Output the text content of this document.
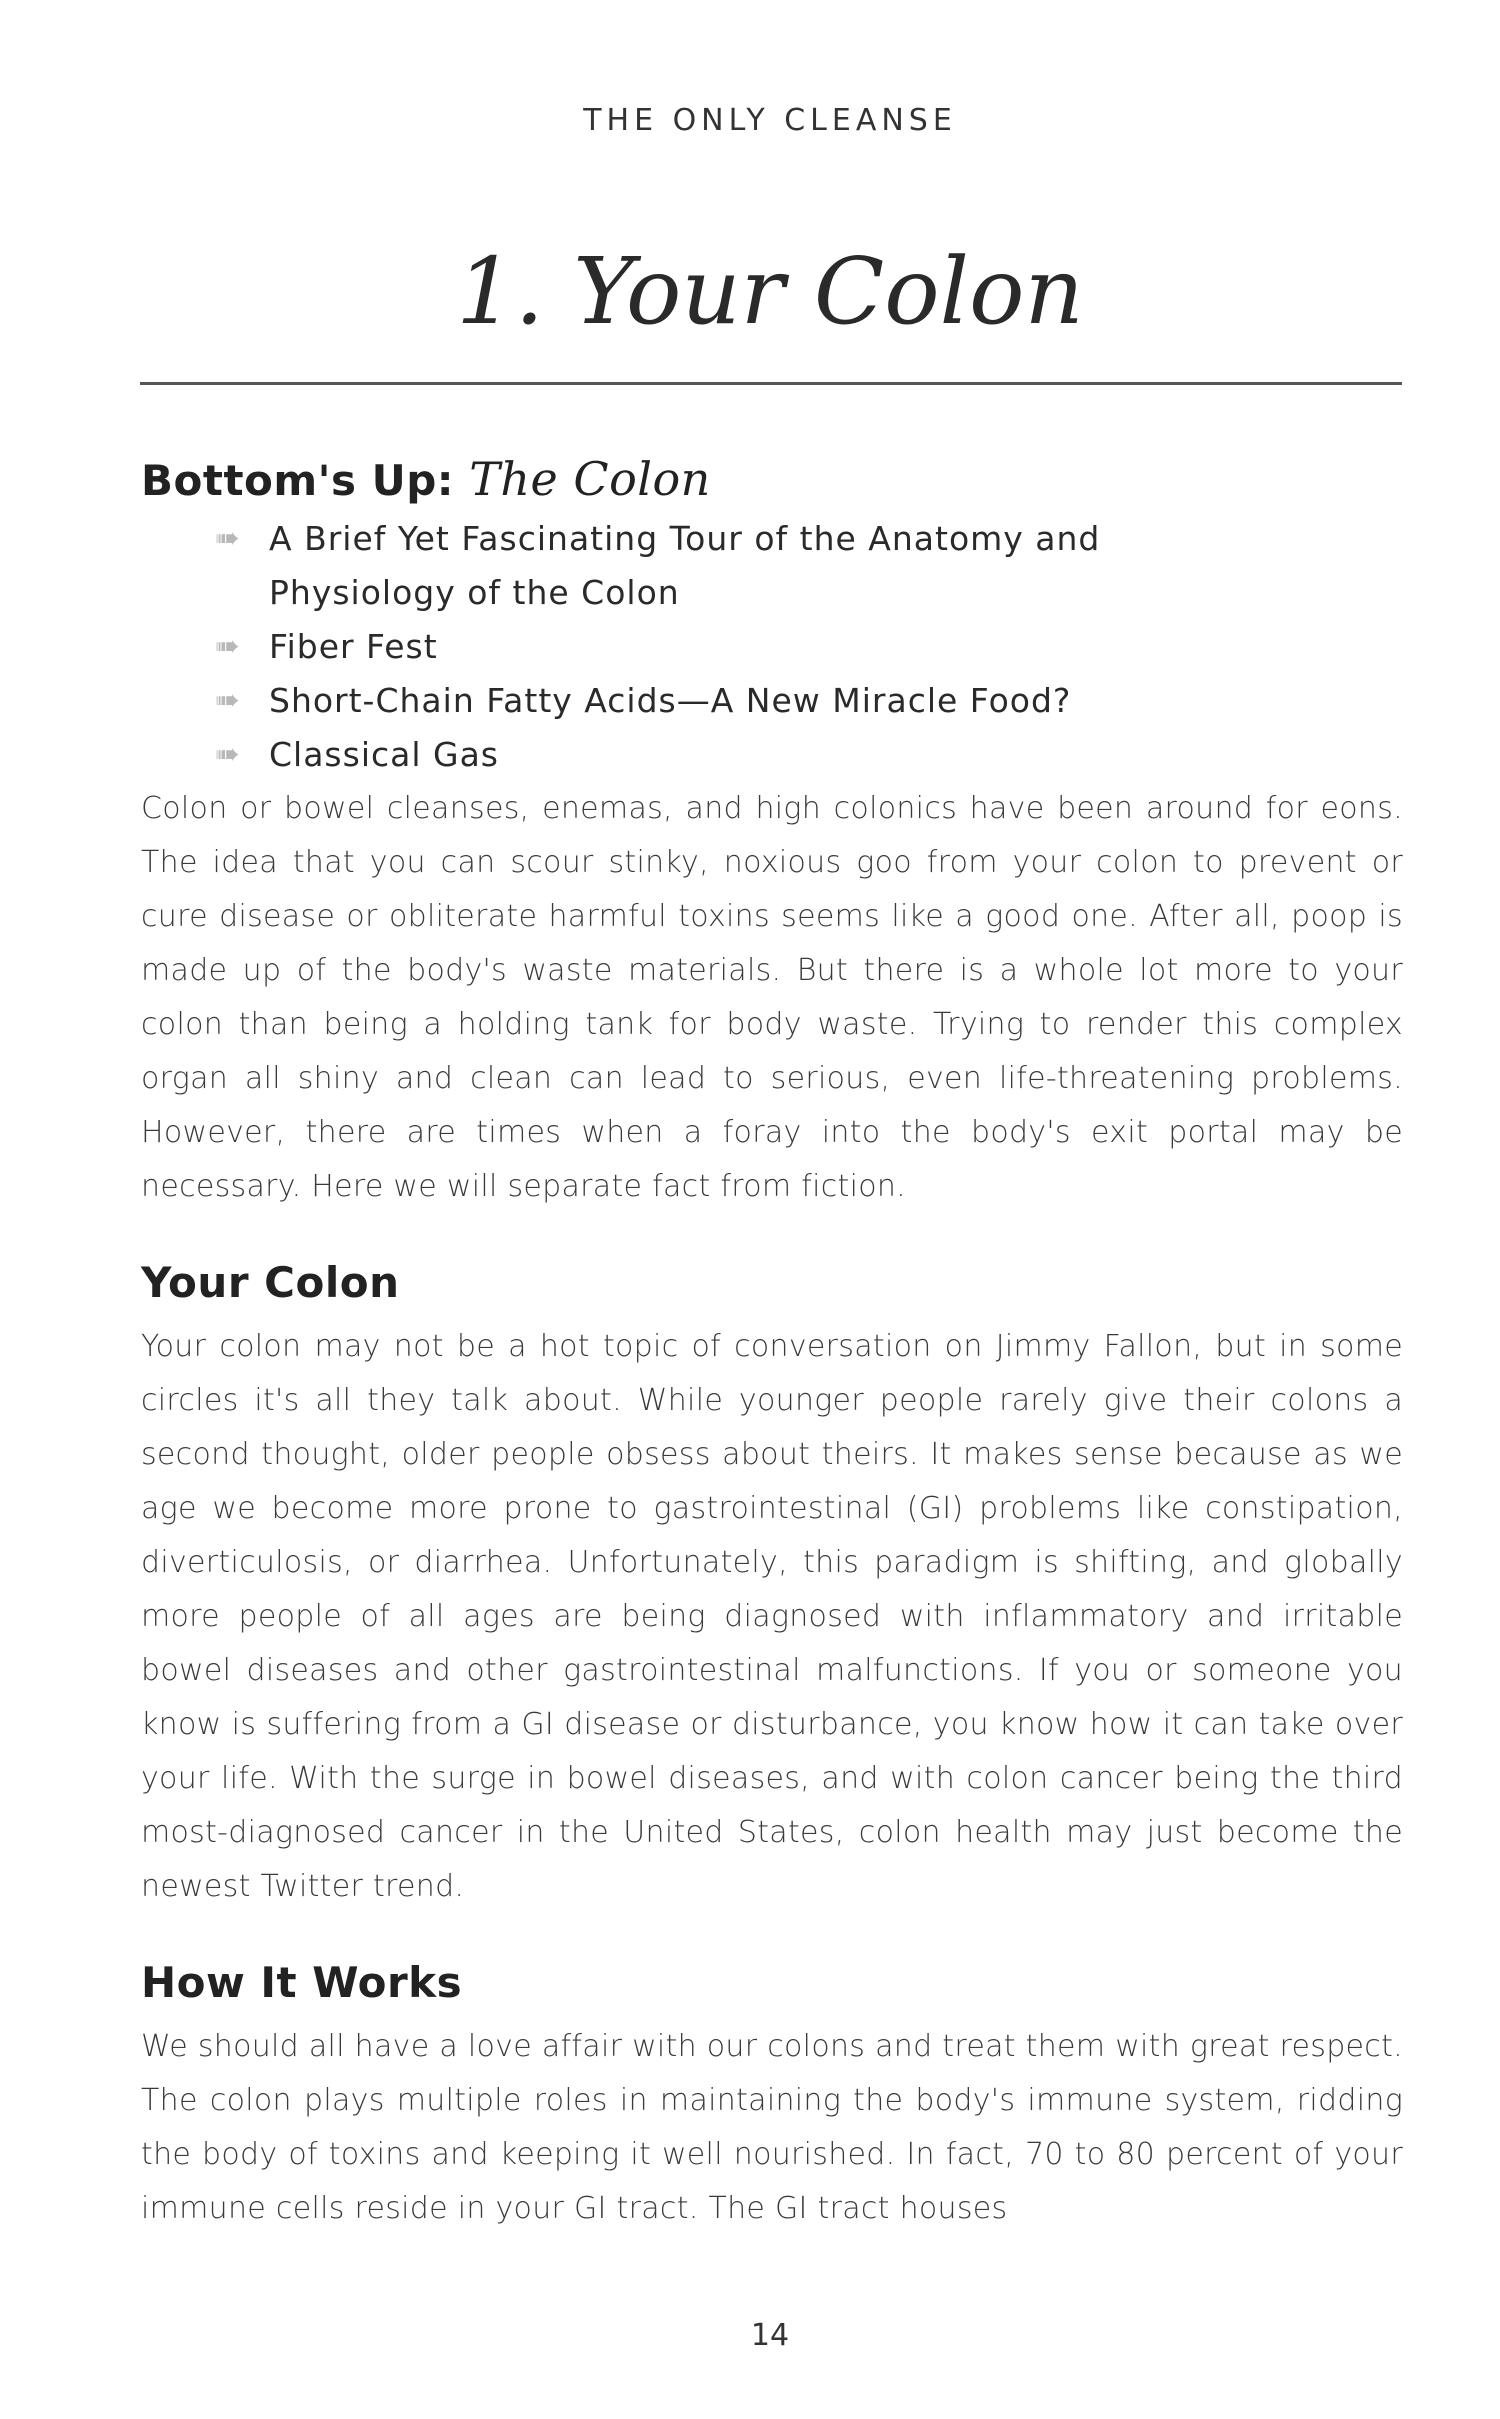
THE ONLY CLEANSE
1. Your Colon
Bottom's Up: The Colon
➠ A Brief Yet Fascinating Tour of the Anatomy and Physiology of the Colon
➠ Fiber Fest
➠ Short-Chain Fatty Acids—A New Miracle Food?
➠ Classical Gas

Colon or bowel cleanses, enemas, and high colonics have been around for eons. The idea that you can scour stinky, noxious goo from your colon to prevent or cure disease or obliterate harmful toxins seems like a good one. After all, poop is made up of the body's waste materials. But there is a whole lot more to your colon than being a holding tank for body waste. Trying to render this complex organ all shiny and clean can lead to serious, even life-threatening problems. However, there are times when a foray into the body's exit portal may be necessary. Here we will separate fact from fiction.

Your Colon

Your colon may not be a hot topic of conversation on Jimmy Fallon, but in some circles it's all they talk about. While younger people rarely give their colons a second thought, older people obsess about theirs. It makes sense because as we age we become more prone to gastrointestinal (GI) problems like constipation, diverticulosis, or diarrhea. Unfortunately, this paradigm is shifting, and globally more people of all ages are being diagnosed with inflammatory and irritable bowel diseases and other gastrointestinal malfunctions. If you or someone you know is suffering from a GI disease or disturbance, you know how it can take over your life. With the surge in bowel diseases, and with colon cancer being the third most-diagnosed cancer in the United States, colon health may just become the newest Twitter trend.

How It Works

We should all have a love affair with our colons and treat them with great respect. The colon plays multiple roles in maintaining the body's immune system, ridding the body of toxins and keeping it well nourished. In fact, 70 to 80 percent of your immune cells reside in your GI tract. The GI tract houses

14
